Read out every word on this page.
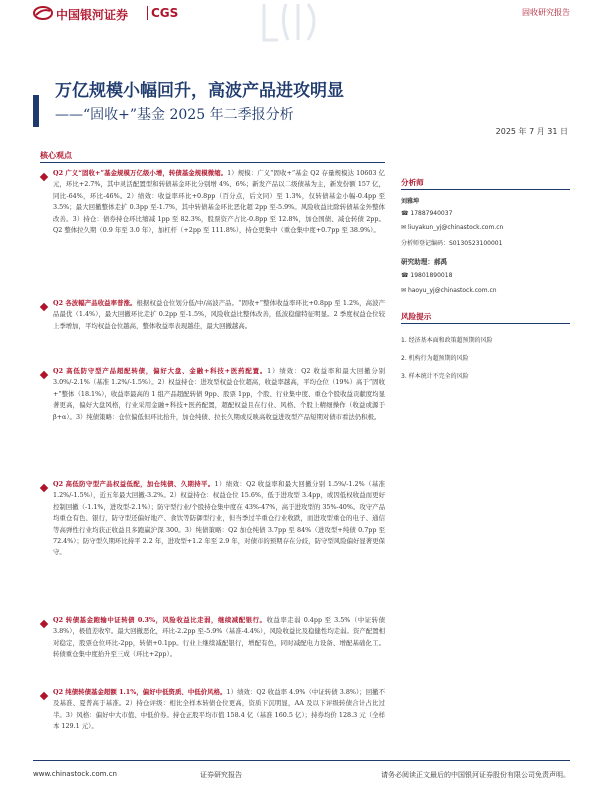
中国银河证券 CGS	固收研究报告
万亿规模小幅回升，高波产品进攻明显
——“固收+”基金 2025 年二季报分析
2025 年 7 月 31 日
核心观点
Q2 广义“固收+”基金规模万亿级小增，转债基金规模微缩。1）规模：广义“固收+”基金 Q2 存量规模达 10603 亿元，环比+2.7%，其中灵活配置型和转债基金环比分别增 4%、6%；新发产品以二级债基为主，新发份额 157 亿，同比-64%，环比-46%。2）绩效：收益率环比+0.8pp（百分点，后文同）至 1.3%，仅转债基金小幅-0.4pp 至 3.5%；最大回撤整体走扩 0.3pp 至-1.7%，其中转债基金环比恶化超 2pp 至-5.9%。风险收益比除转债基金外整体改善。3）持仓：债券持仓环比缩减 1pp 至 82.3%，股票资产占比-0.8pp 至 12.8%，加仓国债、减仓转债 2pp。Q2 整体拉久期（0.9 年至 3.0 年），加杠杆（+2pp 至 111.8%），持仓更集中（重仓集中度+0.7pp 至 38.9%）。
Q2 各波幅产品收益率普涨。根据权益仓位划分低/中/高波产品。“固收+”整体收益率环比+0.8pp 至 1.2%，高波产品最优（1.4%），最大回撤环比走扩 0.2pp 至-1.5%，风险收益比整体改善，低波稳健特征明显。2 季度权益仓位较上季增加，平均权益仓位越高，整体收益率表现越佳，最大回撤越高。
Q2 高低防守型产品超配转债，偏好大盘、金融+科技+医药配置。1）绩效：Q2 收益率和最大回撤分别 3.0%/-2.1%（基准 1.2%/-1.5%）。2）权益持仓：进攻型权益仓位超高，收益率越高，平均仓位（19%）高于“固收+”整体（18.1%），收益率最高的 1 组产品超配转债 9pp、股票 1pp，个股、行业集中度、重仓个股收益贡献度均显著更高，偏好大盘风格，行业采用金融+科技+医药配置，超配权益且在行业、风格、个股上精细操作（收益或源于β+α）。3）纯债策略：仓位偏低但环比抬升，加仓纯债、拉长久期或反映高收益进攻型产品短期对债市看法仍积极。
Q2 高低防守型产品权益低配，加仓纯债、久期持平。1）绩效：Q2 收益率和最大回撤分别 1.5%/-1.2%（基准 1.2%/-1.5%），近五年最大回撤-3.2%。2）权益持仓：权益仓位 15.6%，低于进攻型 3.4pp，或因低权收益而更好控制回撤（-1.1%，进攻型-2.1%）；防守型行业/个股持仓集中度在 43%-47%，高于进攻型的 35%-40%。攻守产品均重仓有色、银行，防守型还偏好地产、食饮等防御型行业，但当季过半重仓行业收跌，而进攻型重仓的电子、通信等高弹性行业均获正收益且多跑赢沪深 300。3）纯债策略：Q2 加仓纯债 3.7pp 至 84%（进攻型+纯债 0.7pp 至 72.4%）；防守型久期环比持平 2.2 年，进攻型+1.2 年至 2.9 年，对债市的预期存在分歧，防守型风险偏好显著更保守。
Q2 转债基金跑输中证转债 0.3%，风险收益比走弱，继续减配银行。收益率走弱 0.4pp 至 3.5%（中证转债 3.8%），极值差收窄。最大回撤恶化，环比-2.2pp 至-5.9%（基准-4.4%），风险收益比及稳健性均走弱。资产配置相对稳定，股票仓位环比-2pp，转债+0.1pp。行业上继续减配银行，增配有色，同时减配电力设备、增配基础化工。转债重仓集中度抬升至三成（环比+2pp）。
Q2 纯债转债基金超额 1.1%，偏好中低资质、中低价风格。1）绩效：Q2 收益率 4.9%（中证转债 3.8%）；回撤不及基准、夏普高于基准。2）持仓评级：相比全样本转债仓位更高，资质下沉明显，AA 及以下评级转债合计占比过半。3）风格：偏好中大市值、中低价券。持仓正股平均市值 158.4 亿（基准 160.5 亿）；持券均价 128.3 元（全样本 129.1 元）。
分析师
刘雅坤
☎ 17887940037
✉ liuyakun_yj@chinastock.com.cn
分析师登记编码：S0130523100001
研究助理：郝禹
☎ 19801890018
✉ haoyu_yj@chinastock.com.cn
风险提示
1. 经济基本面和政策超预期的风险
2. 机构行为超预期的风险
3. 样本统计不完全的风险
www.chinastock.com.cn	证券研究报告	请务必阅读正文最后的中国银河证券股份有限公司免责声明。
